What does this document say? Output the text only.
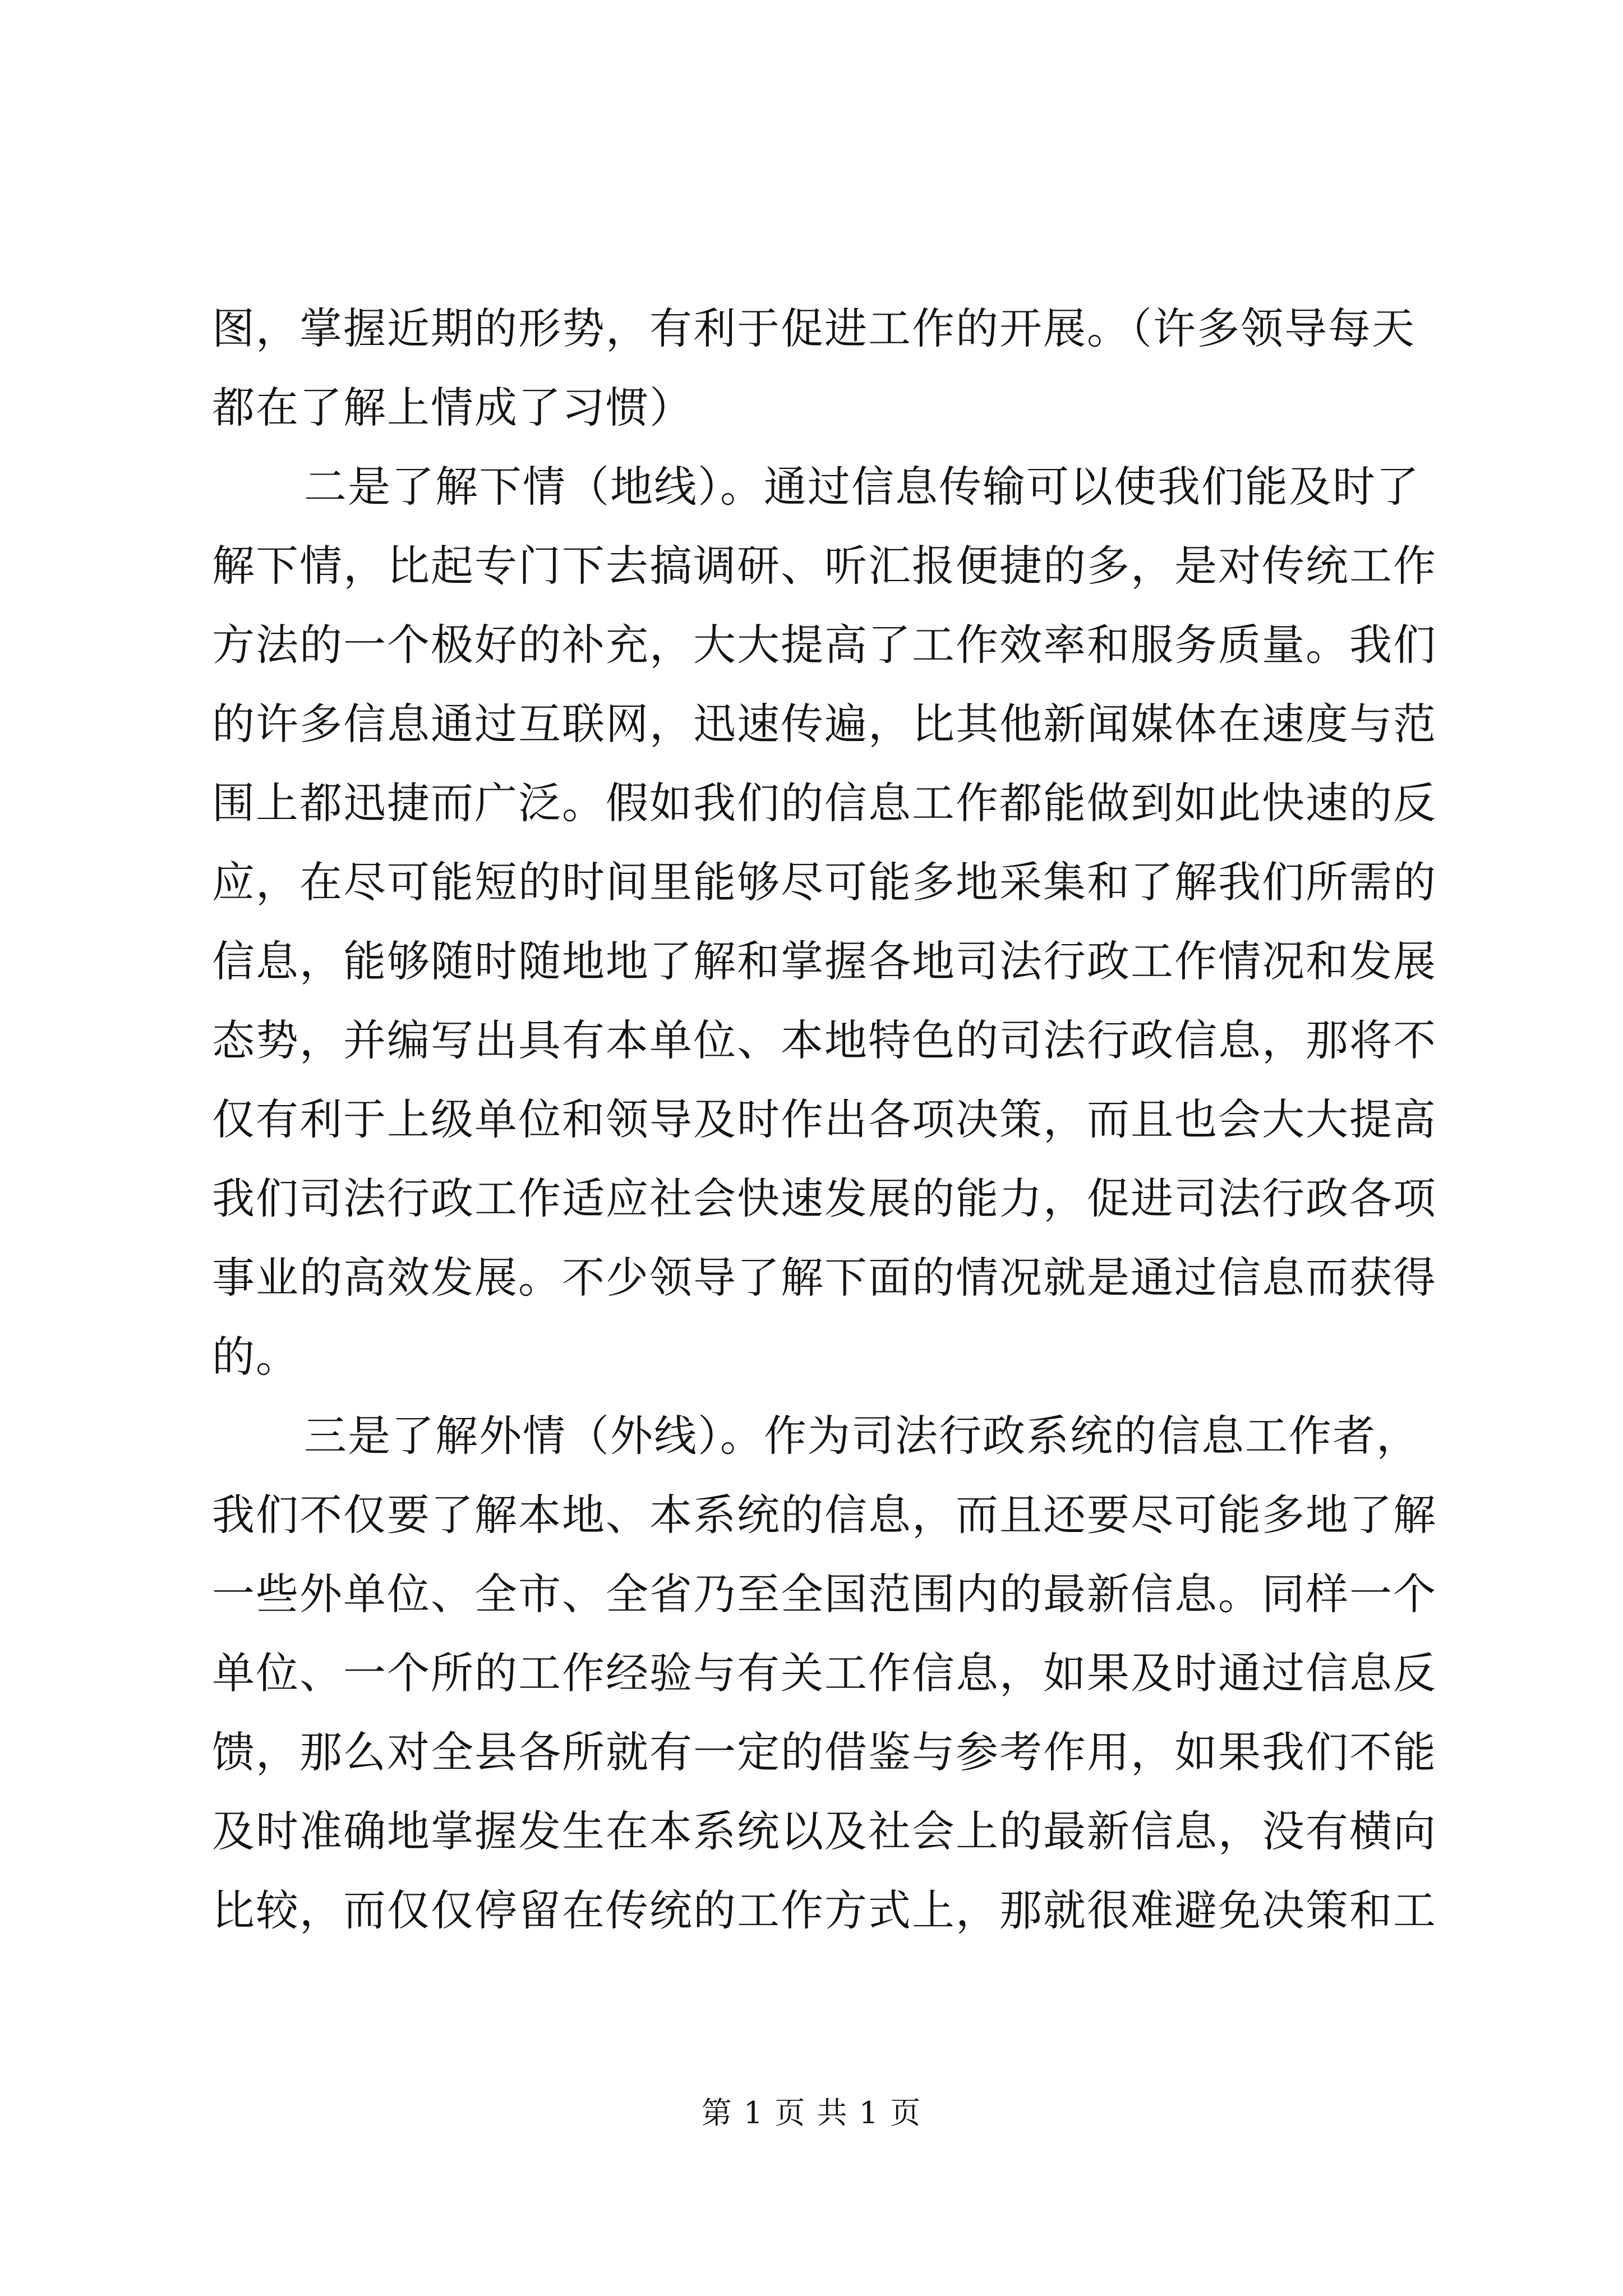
图，掌握近期的形势，有利于促进工作的开展。（许多领导每天
都在了解上情成了习惯）
二是了解下情（地线）。通过信息传输可以使我们能及时了
解下情，比起专门下去搞调研、听汇报便捷的多，是对传统工作
方法的一个极好的补充，大大提高了工作效率和服务质量。我们
的许多信息通过互联网，迅速传遍，比其他新闻媒体在速度与范
围上都迅捷而广泛。假如我们的信息工作都能做到如此快速的反
应，在尽可能短的时间里能够尽可能多地采集和了解我们所需的
信息，能够随时随地地了解和掌握各地司法行政工作情况和发展
态势，并编写出具有本单位、本地特色的司法行政信息，那将不
仅有利于上级单位和领导及时作出各项决策，而且也会大大提高
我们司法行政工作适应社会快速发展的能力，促进司法行政各项
事业的高效发展。不少领导了解下面的情况就是通过信息而获得
的。
三是了解外情（外线）。作为司法行政系统的信息工作者，
我们不仅要了解本地、本系统的信息，而且还要尽可能多地了解
一些外单位、全市、全省乃至全国范围内的最新信息。同样一个
单位、一个所的工作经验与有关工作信息，如果及时通过信息反
馈，那么对全县各所就有一定的借鉴与参考作用，如果我们不能
及时准确地掌握发生在本系统以及社会上的最新信息，没有横向
比较，而仅仅停留在传统的工作方式上，那就很难避免决策和工
第 1 页 共 1 页
